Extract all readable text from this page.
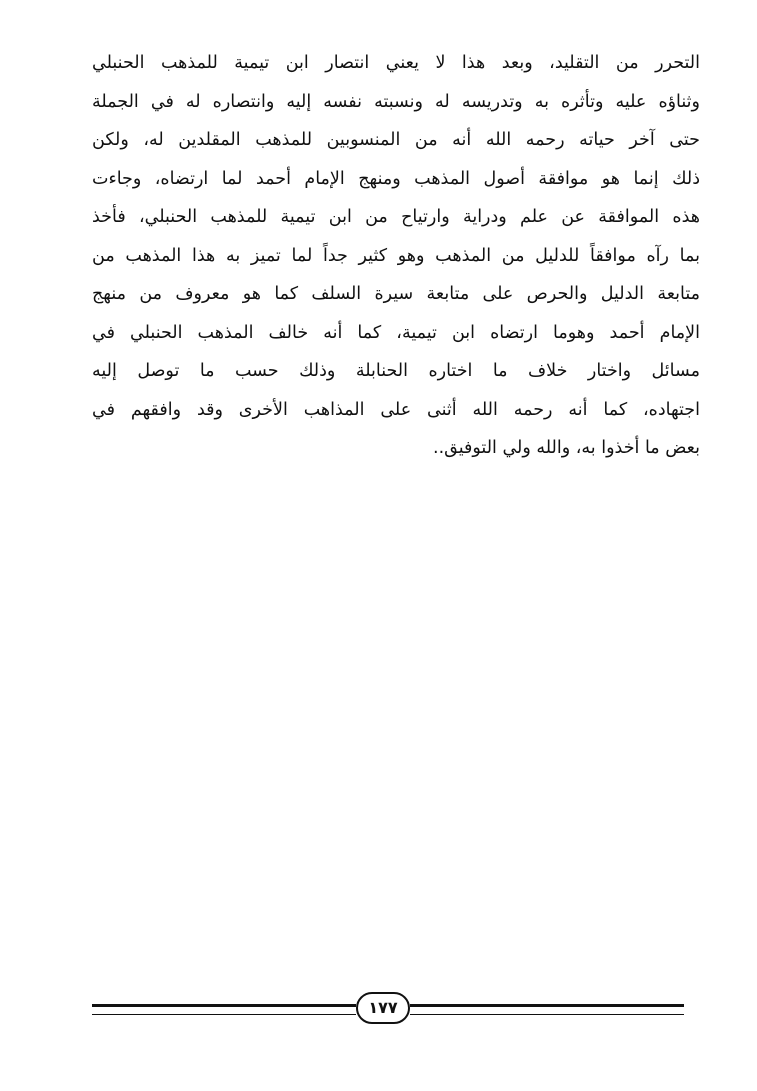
التحرر من التقليد، وبعد هذا لا يعني انتصار ابن تيمية للمذهب الحنبلي
وثناؤه عليه وتأثره به وتدريسه له ونسبته نفسه إليه وانتصاره له في الجملة
حتى آخر حياته رحمه الله أنه من المنسوبين للمذهب المقلدين له، ولكن
ذلك إنما هو موافقة أصول المذهب ومنهج الإمام أحمد لما ارتضاه، وجاءت
هذه الموافقة عن علم ودراية وارتياح من ابن تيمية للمذهب الحنبلي، فأخذ
بما رآه موافقاً للدليل من المذهب وهو كثير جداً لما تميز به هذا المذهب من
متابعة الدليل والحرص على متابعة سيرة السلف كما هو معروف من منهج
الإمام أحمد وهوما ارتضاه ابن تيمية، كما أنه خالف المذهب الحنبلي في
مسائل واختار خلاف ما اختاره الحنابلة وذلك حسب ما توصل إليه
اجتهاده، كما أنه رحمه الله أثنى على المذاهب الأخرى وقد وافقهم في
بعض ما أخذوا به، والله ولي التوفيق..
١٧٧
